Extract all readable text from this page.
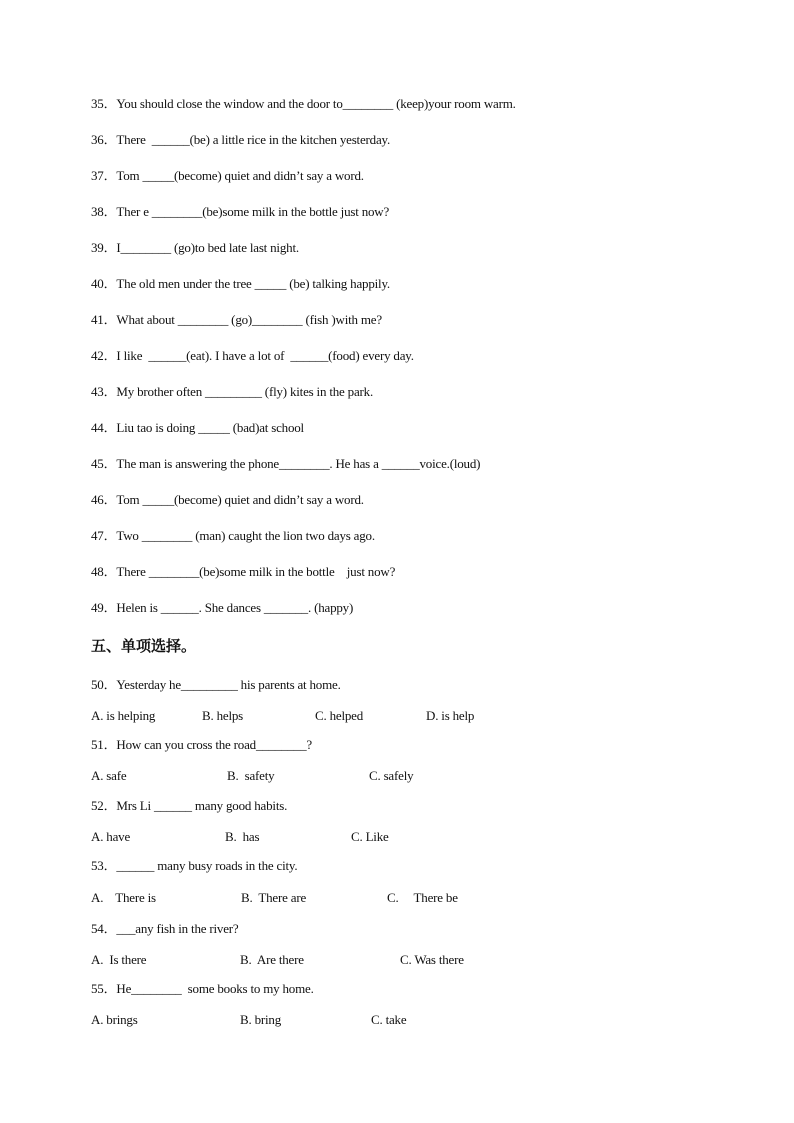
35．You should close the window and the door to________ (keep)your room warm.
36．There  ______(be) a little rice in the kitchen yesterday.
37．Tom _____(become) quiet and didn’t say a word.
38．Ther e ________(be)some milk in the bottle just now?
39．I________ (go)to bed late last night.
40．The old men under the tree _____ (be) talking happily.
41．What about ________ (go)________ (fish )with me?
42．I like  ______(eat). I have a lot of  ______(food) every day.
43．My brother often _________ (fly) kites in the park.
44．Liu tao is doing _____ (bad)at school
45．The man is answering the phone________. He has a ______voice.(loud)
46．Tom _____(become) quiet and didn’t say a word.
47．Two ________ (man) caught the lion two days ago.
48．There ________(be)some milk in the bottle    just now?
49．Helen is ______. She dances _______. (happy)
五、单项选择。
50．Yesterday he_________ his parents at home.
A. is helping	B. helps	C. helped	D. is help
51．How can you cross the road________?
A. safe	B.  safety	C. safely
52．Mrs Li ______ many good habits.
A. have	B.  has	C. Like
53．______ many busy roads in the city.
A.    There is	B.  There are	C.     There be
54．___any fish in the river?
A.  Is there	B.  Are there	C. Was there
55．He________  some books to my home.
A. brings	B. bring	C. take
